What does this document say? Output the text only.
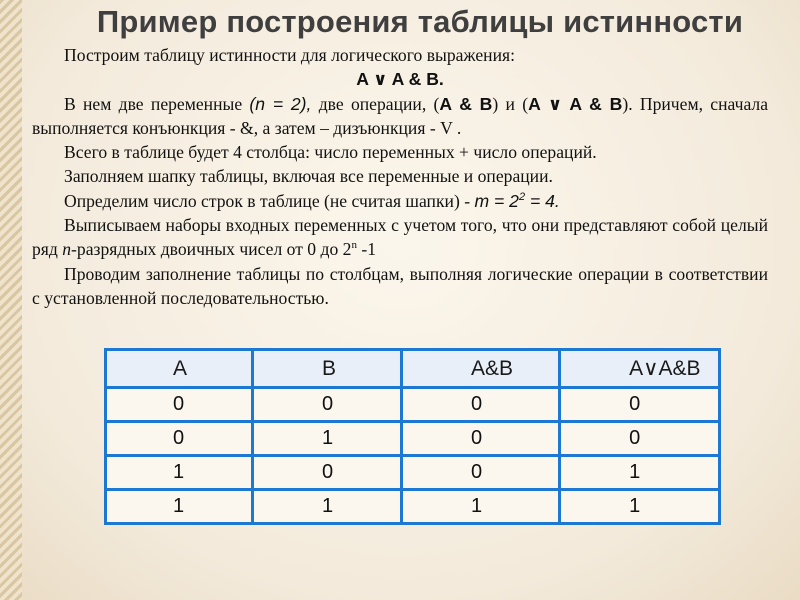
Пример построения таблицы истинности

Построим таблицу истинности для логического выражения:

A ∨ A & B.

В нем две переменные (n = 2), две операции, (A & B) и (A ∨ A & B). Причем, сначала выполняется конъюнкция - &, а затем – дизъюнкция - V .

Всего в таблице будет 4 столбца: число переменных + число операций.

Заполняем шапку таблицы, включая все переменные и операции.

Определим число строк в таблице (не считая шапки) - $m = 2^2 = 4$.

Выписываем наборы входных переменных с учетом того, что они представляют собой целый ряд n-разрядных двоичных чисел от 0 до 2$^n$ -1

Проводим заполнение таблицы по столбцам, выполняя логические операции в соответствии с установленной последовательностью.

A	B	A&B	A∨A&B
0	0	0	0
0	1	0	0
1	0	0	1
1	1	1	1
